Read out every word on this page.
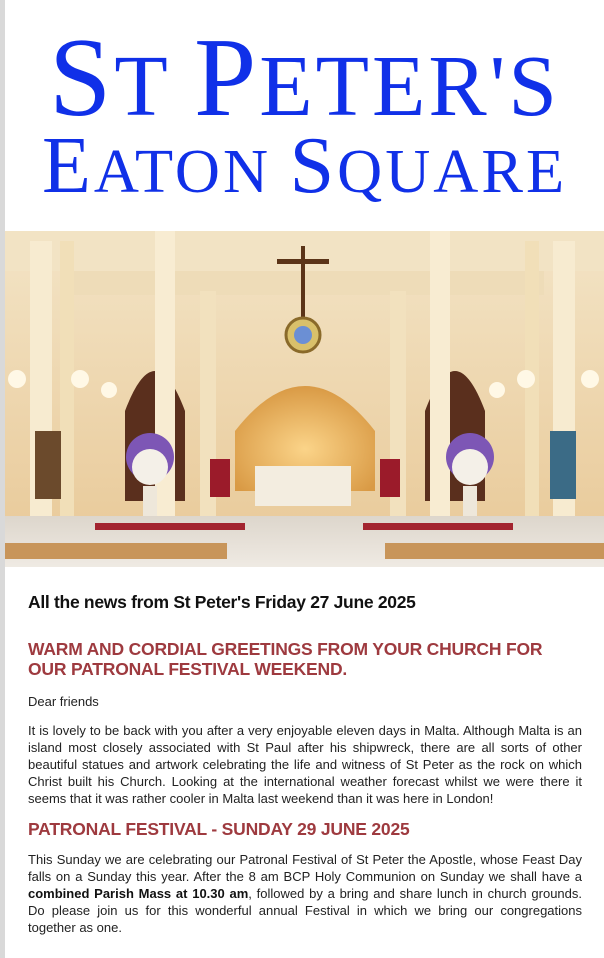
ST PETER'S
EATON SQUARE
All the news from St Peter's Friday 27 June 2025
WARM AND CORDIAL GREETINGS FROM YOUR CHURCH FOR OUR PATRONAL FESTIVAL WEEKEND.
Dear friends
It is lovely to be back with you after a very enjoyable eleven days in Malta. Although Malta is an island most closely associated with St Paul after his shipwreck, there are all sorts of other beautiful statues and artwork celebrating the life and witness of St Peter as the rock on which Christ built his Church. Looking at the international weather forecast whilst we were there it seems that it was rather cooler in Malta last weekend than it was here in London!
PATRONAL FESTIVAL - SUNDAY 29 JUNE 2025
This Sunday we are celebrating our Patronal Festival of St Peter the Apostle, whose Feast Day falls on a Sunday this year. After the 8 am BCP Holy Communion on Sunday we shall have a combined Parish Mass at 10.30 am, followed by a bring and share lunch in church grounds. Do please join us for this wonderful annual Festival in which we bring our congregations together as one.
